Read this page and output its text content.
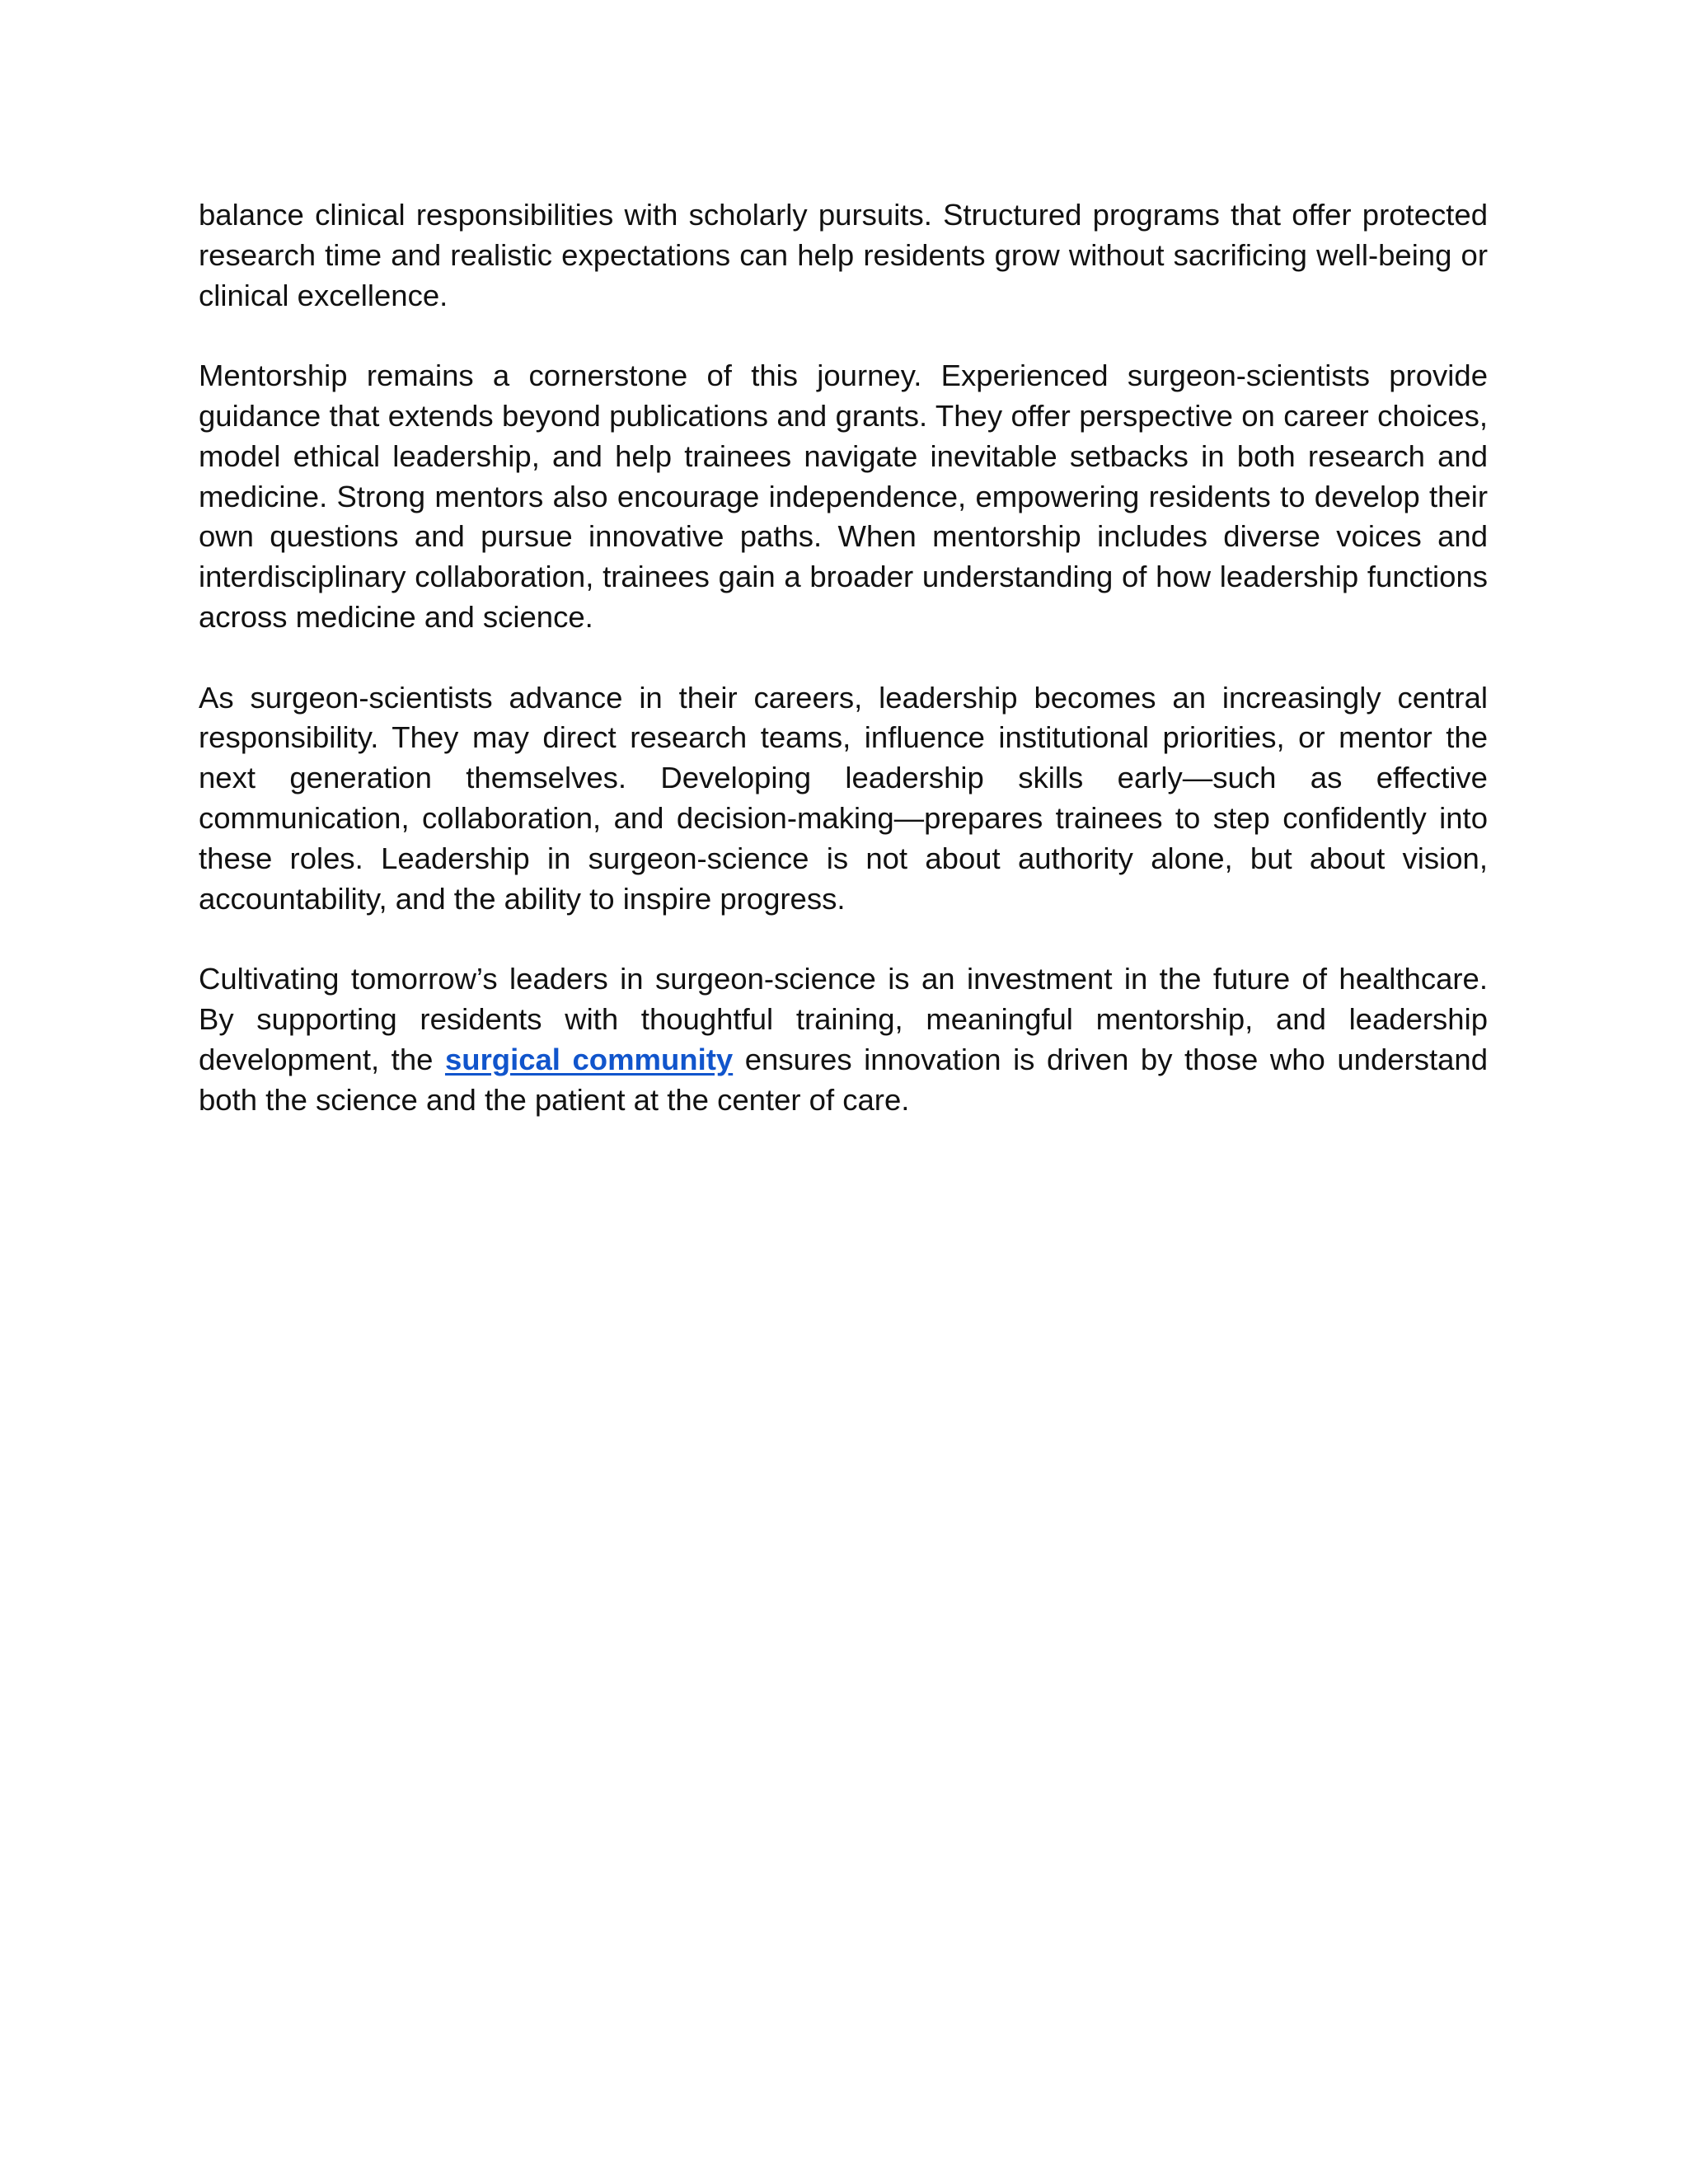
balance clinical responsibilities with scholarly pursuits. Structured programs that offer protected research time and realistic expectations can help residents grow without sacrificing well-being or clinical excellence.

Mentorship remains a cornerstone of this journey. Experienced surgeon-scientists provide guidance that extends beyond publications and grants. They offer perspective on career choices, model ethical leadership, and help trainees navigate inevitable setbacks in both research and medicine. Strong mentors also encourage independence, empowering residents to develop their own questions and pursue innovative paths. When mentorship includes diverse voices and interdisciplinary collaboration, trainees gain a broader understanding of how leadership functions across medicine and science.

As surgeon-scientists advance in their careers, leadership becomes an increasingly central responsibility. They may direct research teams, influence institutional priorities, or mentor the next generation themselves. Developing leadership skills early—such as effective communication, collaboration, and decision-making—prepares trainees to step confidently into these roles. Leadership in surgeon-science is not about authority alone, but about vision, accountability, and the ability to inspire progress.

Cultivating tomorrow’s leaders in surgeon-science is an investment in the future of healthcare. By supporting residents with thoughtful training, meaningful mentorship, and leadership development, the surgical community ensures innovation is driven by those who understand both the science and the patient at the center of care.
